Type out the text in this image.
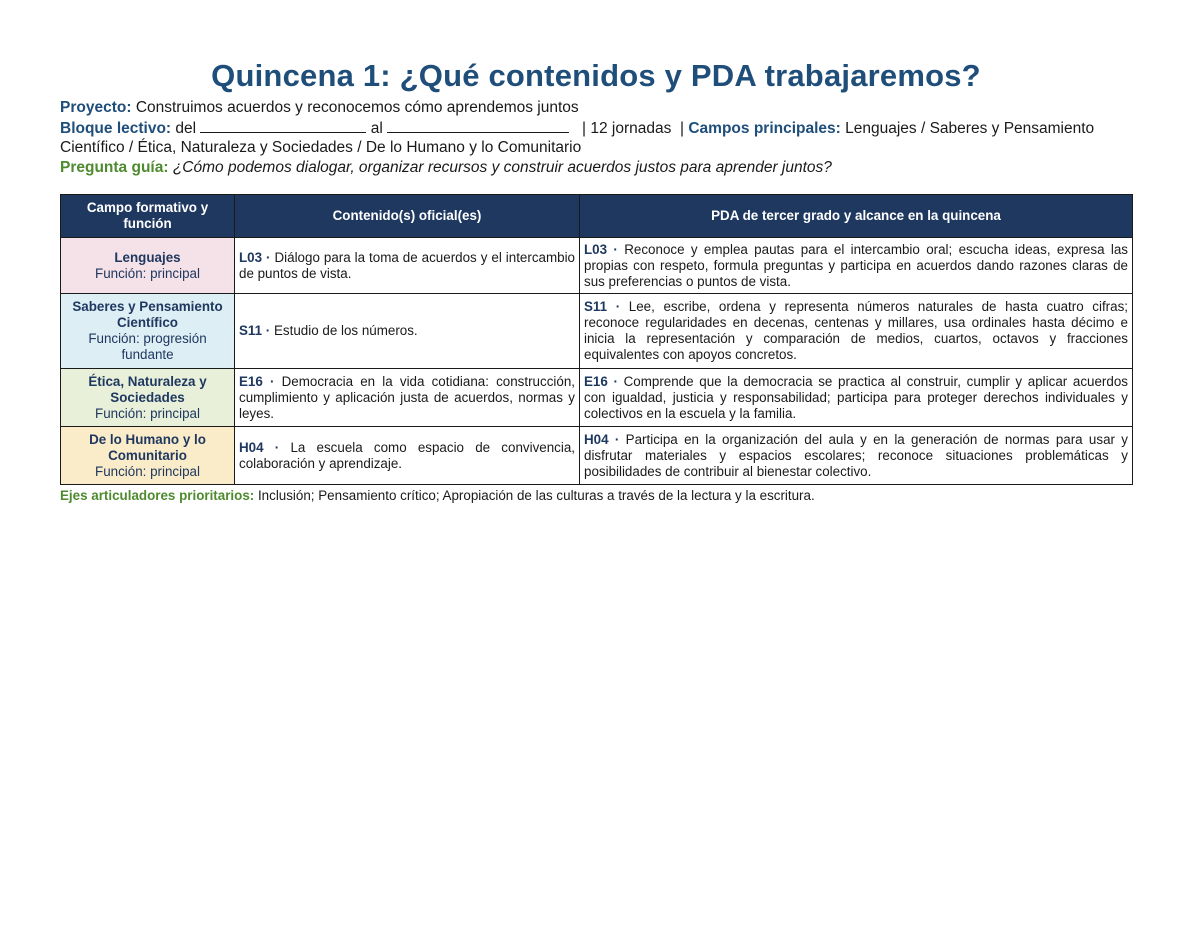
Quincena 1: ¿Qué contenidos y PDA trabajaremos?
Proyecto: Construimos acuerdos y reconocemos cómo aprendemos juntos
Bloque lectivo: del	al	| 12 jornadas | Campos principales: Lenguajes / Saberes y Pensamiento Científico / Ética, Naturaleza y Sociedades / De lo Humano y lo Comunitario
Pregunta guía: ¿Cómo podemos dialogar, organizar recursos y construir acuerdos justos para aprender juntos?
Campo formativo y función	Contenido(s) oficial(es)	PDA de tercer grado y alcance en la quincena

Lenguajes
Función: principal	L03 · Diálogo para la toma de acuerdos y el intercambio de puntos de vista.	L03 · Reconoce y emplea pautas para el intercambio oral; escucha ideas, expresa las propias con respeto, formula preguntas y participa en acuerdos dando razones claras de sus preferencias o puntos de vista.

Saberes y Pensamiento Científico
Función: progresión fundante	S11 · Estudio de los números.	S11 · Lee, escribe, ordena y representa números naturales de hasta cuatro cifras; reconoce regularidades en decenas, centenas y millares, usa ordinales hasta décimo e inicia la representación y comparación de medios, cuartos, octavos y fracciones equivalentes con apoyos concretos.

Ética, Naturaleza y Sociedades
Función: principal	E16 · Democracia en la vida cotidiana: construcción, cumplimiento y aplicación justa de acuerdos, normas y leyes.	E16 · Comprende que la democracia se practica al construir, cumplir y aplicar acuerdos con igualdad, justicia y responsabilidad; participa para proteger derechos individuales y colectivos en la escuela y la familia.

De lo Humano y lo Comunitario
Función: principal	H04 · La escuela como espacio de convivencia, colaboración y aprendizaje.	H04 · Participa en la organización del aula y en la generación de normas para usar y disfrutar materiales y espacios escolares; reconoce situaciones problemáticas y posibilidades de contribuir al bienestar colectivo.
Ejes articuladores prioritarios: Inclusión; Pensamiento crítico; Apropiación de las culturas a través de la lectura y la escritura.
